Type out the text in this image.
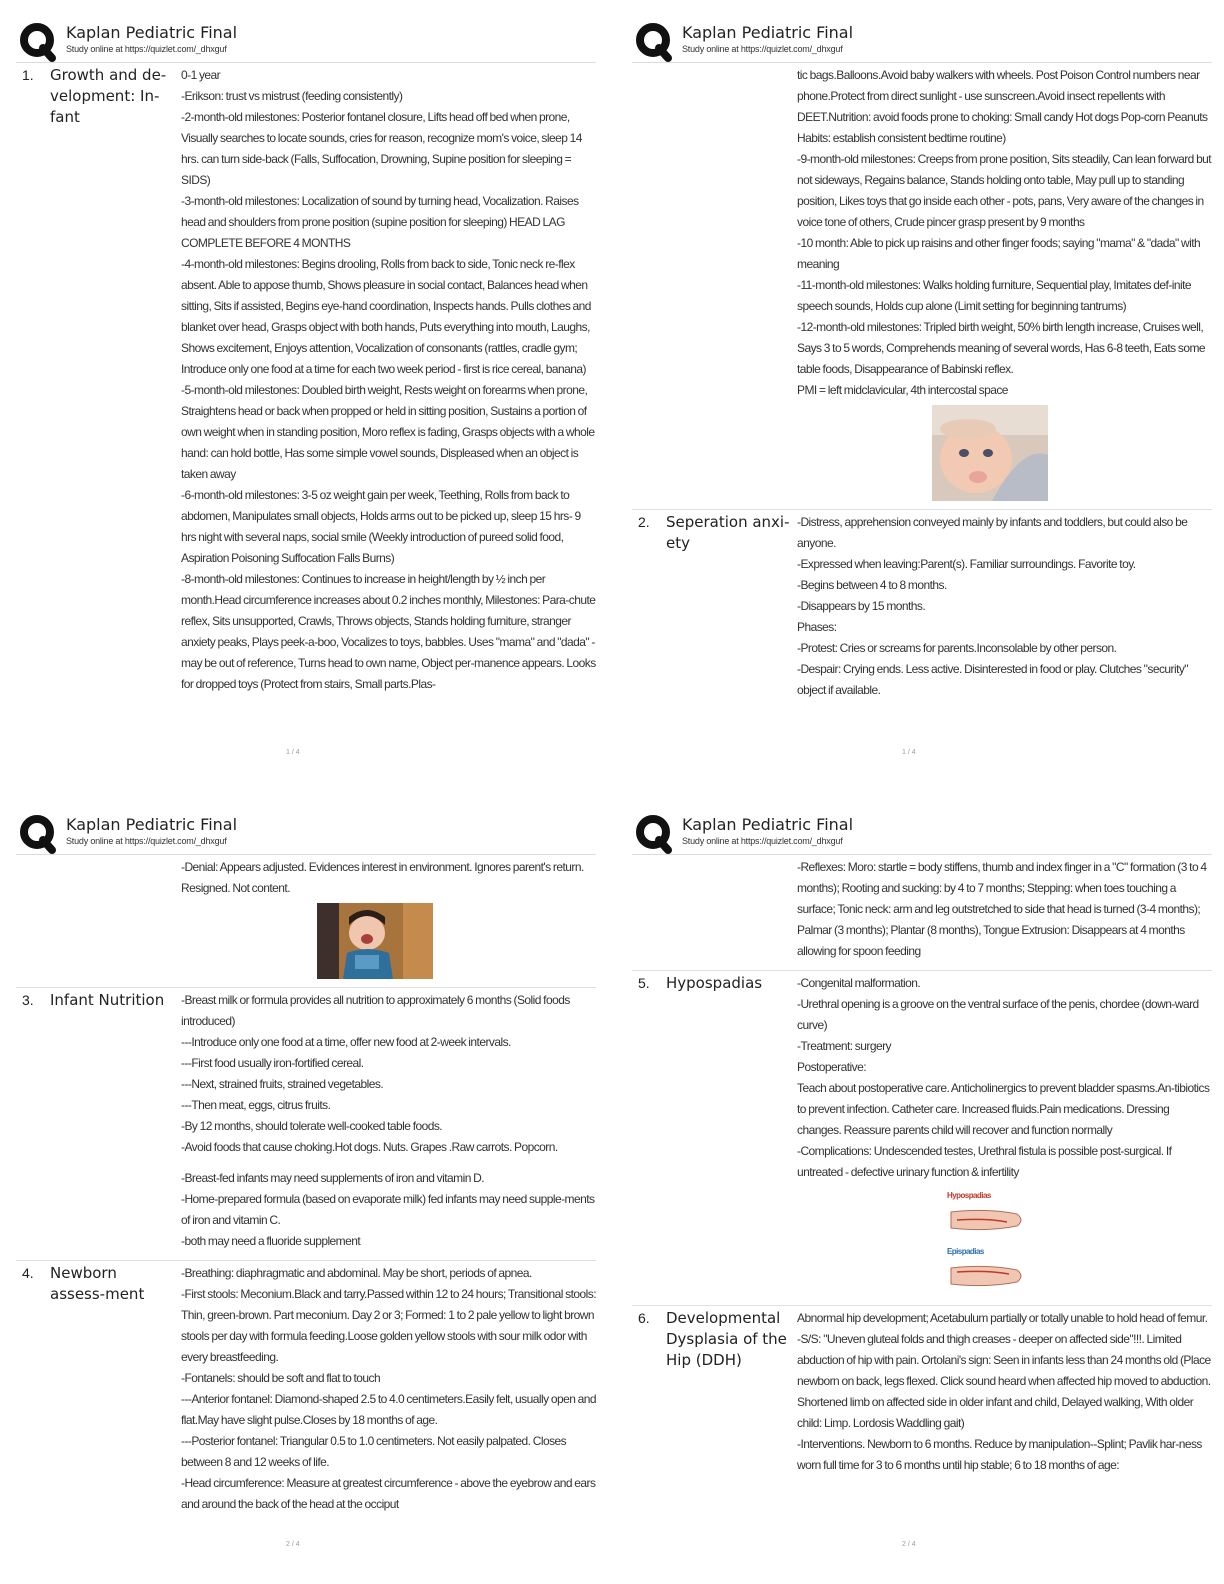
Kaplan Pediatric Final
Study online at https://quizlet.com/_dhxguf
1. Growth and de-velopment: In-fant

0-1 year

-Erikson: trust vs mistrust (feeding consistently)

-2-month-old milestones: Posterior fontanel closure, Lifts head off bed when prone, Visually searches to locate sounds, cries for reason, recognize mom's voice, sleep 14 hrs. can turn side-back (Falls, Suffocation, Drowning, Supine position for sleeping = SIDS)

-3-month-old milestones: Localization of sound by turning head, Vocalization. Raises head and shoulders from prone position (supine position for sleeping) HEAD LAG COMPLETE BEFORE 4 MONTHS

-4-month-old milestones: Begins drooling, Rolls from back to side, Tonic neck re-flex absent. Able to appose thumb, Shows pleasure in social contact, Balances head when sitting, Sits if assisted, Begins eye-hand coordination, Inspects hands. Pulls clothes and blanket over head, Grasps object with both hands, Puts everything into mouth, Laughs, Shows excitement, Enjoys attention, Vocalization of consonants (rattles, cradle gym; Introduce only one food at a time for each two week period - first is rice cereal, banana)

-5-month-old milestones: Doubled birth weight, Rests weight on forearms when prone, Straightens head or back when propped or held in sitting position, Sustains a portion of own weight when in standing position, Moro reflex is fading, Grasps objects with a whole hand: can hold bottle, Has some simple vowel sounds, Displeased when an object is taken away

-6-month-old milestones: 3-5 oz weight gain per week, Teething, Rolls from back to abdomen, Manipulates small objects, Holds arms out to be picked up, sleep 15 hrs- 9 hrs night with several naps, social smile (Weekly introduction of pureed solid food, Aspiration Poisoning Suffocation Falls Burns)

-8-month-old milestones: Continues to increase in height/length by ½ inch per month.Head circumference increases about 0.2 inches monthly, Milestones: Para-chute reflex, Sits unsupported, Crawls, Throws objects, Stands holding furniture, stranger anxiety peaks, Plays peek-a-boo, Vocalizes to toys, babbles. Uses "mama" and "dada" - may be out of reference, Turns head to own name, Object per-manence appears. Looks for dropped toys (Protect from stairs, Small parts.Plas-

1 / 4
Kaplan Pediatric Final
Study online at https://quizlet.com/_dhxguf

tic bags.Balloons.Avoid baby walkers with wheels. Post Poison Control numbers near phone.Protect from direct sunlight - use sunscreen.Avoid insect repellents with DEET.Nutrition: avoid foods prone to choking: Small candy Hot dogs Pop-corn Peanuts Habits: establish consistent bedtime routine)

-9-month-old milestones: Creeps from prone position, Sits steadily, Can lean forward but not sideways, Regains balance, Stands holding onto table, May pull up to standing position, Likes toys that go inside each other - pots, pans, Very aware of the changes in voice tone of others, Crude pincer grasp present by 9 months

-10 month: Able to pick up raisins and other finger foods; saying "mama" & "dada" with meaning

-11-month-old milestones: Walks holding furniture, Sequential play, Imitates def-inite speech sounds, Holds cup alone (Limit setting for beginning tantrums)

-12-month-old milestones: Tripled birth weight, 50% birth length increase, Cruises well, Says 3 to 5 words, Comprehends meaning of several words, Has 6-8 teeth, Eats some table foods, Disappearance of Babinski reflex.

PMI = left midclavicular, 4th intercostal space

2. Seperation anxi-ety

-Distress, apprehension conveyed mainly by infants and toddlers, but could also be anyone.

-Expressed when leaving:Parent(s). Familiar surroundings. Favorite toy.

-Begins between 4 to 8 months.

-Disappears by 15 months.

Phases:

-Protest: Cries or screams for parents.Inconsolable by other person.

-Despair: Crying ends. Less active. Disinterested in food or play. Clutches "security" object if available.

1 / 4
Kaplan Pediatric Final
Study online at https://quizlet.com/_dhxguf

-Denial: Appears adjusted. Evidences interest in environment. Ignores parent's return. Resigned. Not content.

3. Infant Nutrition	-Breast milk or formula provides all nutrition to approximately 6 months (Solid foods introduced)

---Introduce only one food at a time, offer new food at 2-week intervals.

---First food usually iron-fortified cereal.

---Next, strained fruits, strained vegetables.

---Then meat, eggs, citrus fruits.

-By 12 months, should tolerate well-cooked table foods.

-Avoid foods that cause choking.Hot dogs. Nuts. Grapes .Raw carrots. Popcorn.

-Breast-fed infants may need supplements of iron and vitamin D.

-Home-prepared formula (based on evaporate milk) fed infants may need supple-ments of iron and vitamin C.

-both may need a fluoride supplement

4. Newborn assess-ment

-Breathing: diaphragmatic and abdominal. May be short, periods of apnea.

-First stools: Meconium.Black and tarry.Passed within 12 to 24 hours; Transitional stools: Thin, green-brown. Part meconium. Day 2 or 3; Formed: 1 to 2 pale yellow to light brown stools per day with formula feeding.Loose golden yellow stools with sour milk odor with every breastfeeding.

-Fontanels: should be soft and flat to touch

---Anterior fontanel: Diamond-shaped 2.5 to 4.0 centimeters.Easily felt, usually open and flat.May have slight pulse.Closes by 18 months of age.

---Posterior fontanel: Triangular 0.5 to 1.0 centimeters. Not easily palpated. Closes between 8 and 12 weeks of life.

-Head circumference: Measure at greatest circumference - above the eyebrow and ears and around the back of the head at the occiput

2 / 4
Kaplan Pediatric Final
Study online at https://quizlet.com/_dhxguf

-Reflexes: Moro: startle = body stiffens, thumb and index finger in a "C" formation (3 to 4 months); Rooting and sucking: by 4 to 7 months; Stepping: when toes touching a surface; Tonic neck: arm and leg outstretched to side that head is turned (3-4 months); Palmar (3 months); Plantar (8 months), Tongue Extrusion: Disappears at 4 months allowing for spoon feeding

5. Hypospadias	-Congenital malformation.

-Urethral opening is a groove on the ventral surface of the penis, chordee (down-ward curve)

-Treatment: surgery

Postoperative:

Teach about postoperative care. Anticholinergics to prevent bladder spasms.An-tibiotics to prevent infection. Catheter care. Increased fluids.Pain medications. Dressing changes. Reassure parents child will recover and function normally

-Complications: Undescended testes, Urethral fistula is possible post-surgical. If untreated - defective urinary function & infertility

Hypospadias
Epispadias
6. Developmental Dysplasia of the Hip (DDH)

Abnormal hip development; Acetabulum partially or totally unable to hold head of femur.

-S/S: "Uneven gluteal folds and thigh creases - deeper on affected side"!!!. Limited abduction of hip with pain. Ortolani's sign: Seen in infants less than 24 months old (Place newborn on back, legs flexed. Click sound heard when affected hip moved to abduction. Shortened limb on affected side in older infant and child, Delayed walking, With older child: Limp. Lordosis Waddling gait)

-Interventions. Newborn to 6 months. Reduce by manipulation--Splint; Pavlik har-ness worn full time for 3 to 6 months until hip stable; 6 to 18 months of age:

2 / 4
